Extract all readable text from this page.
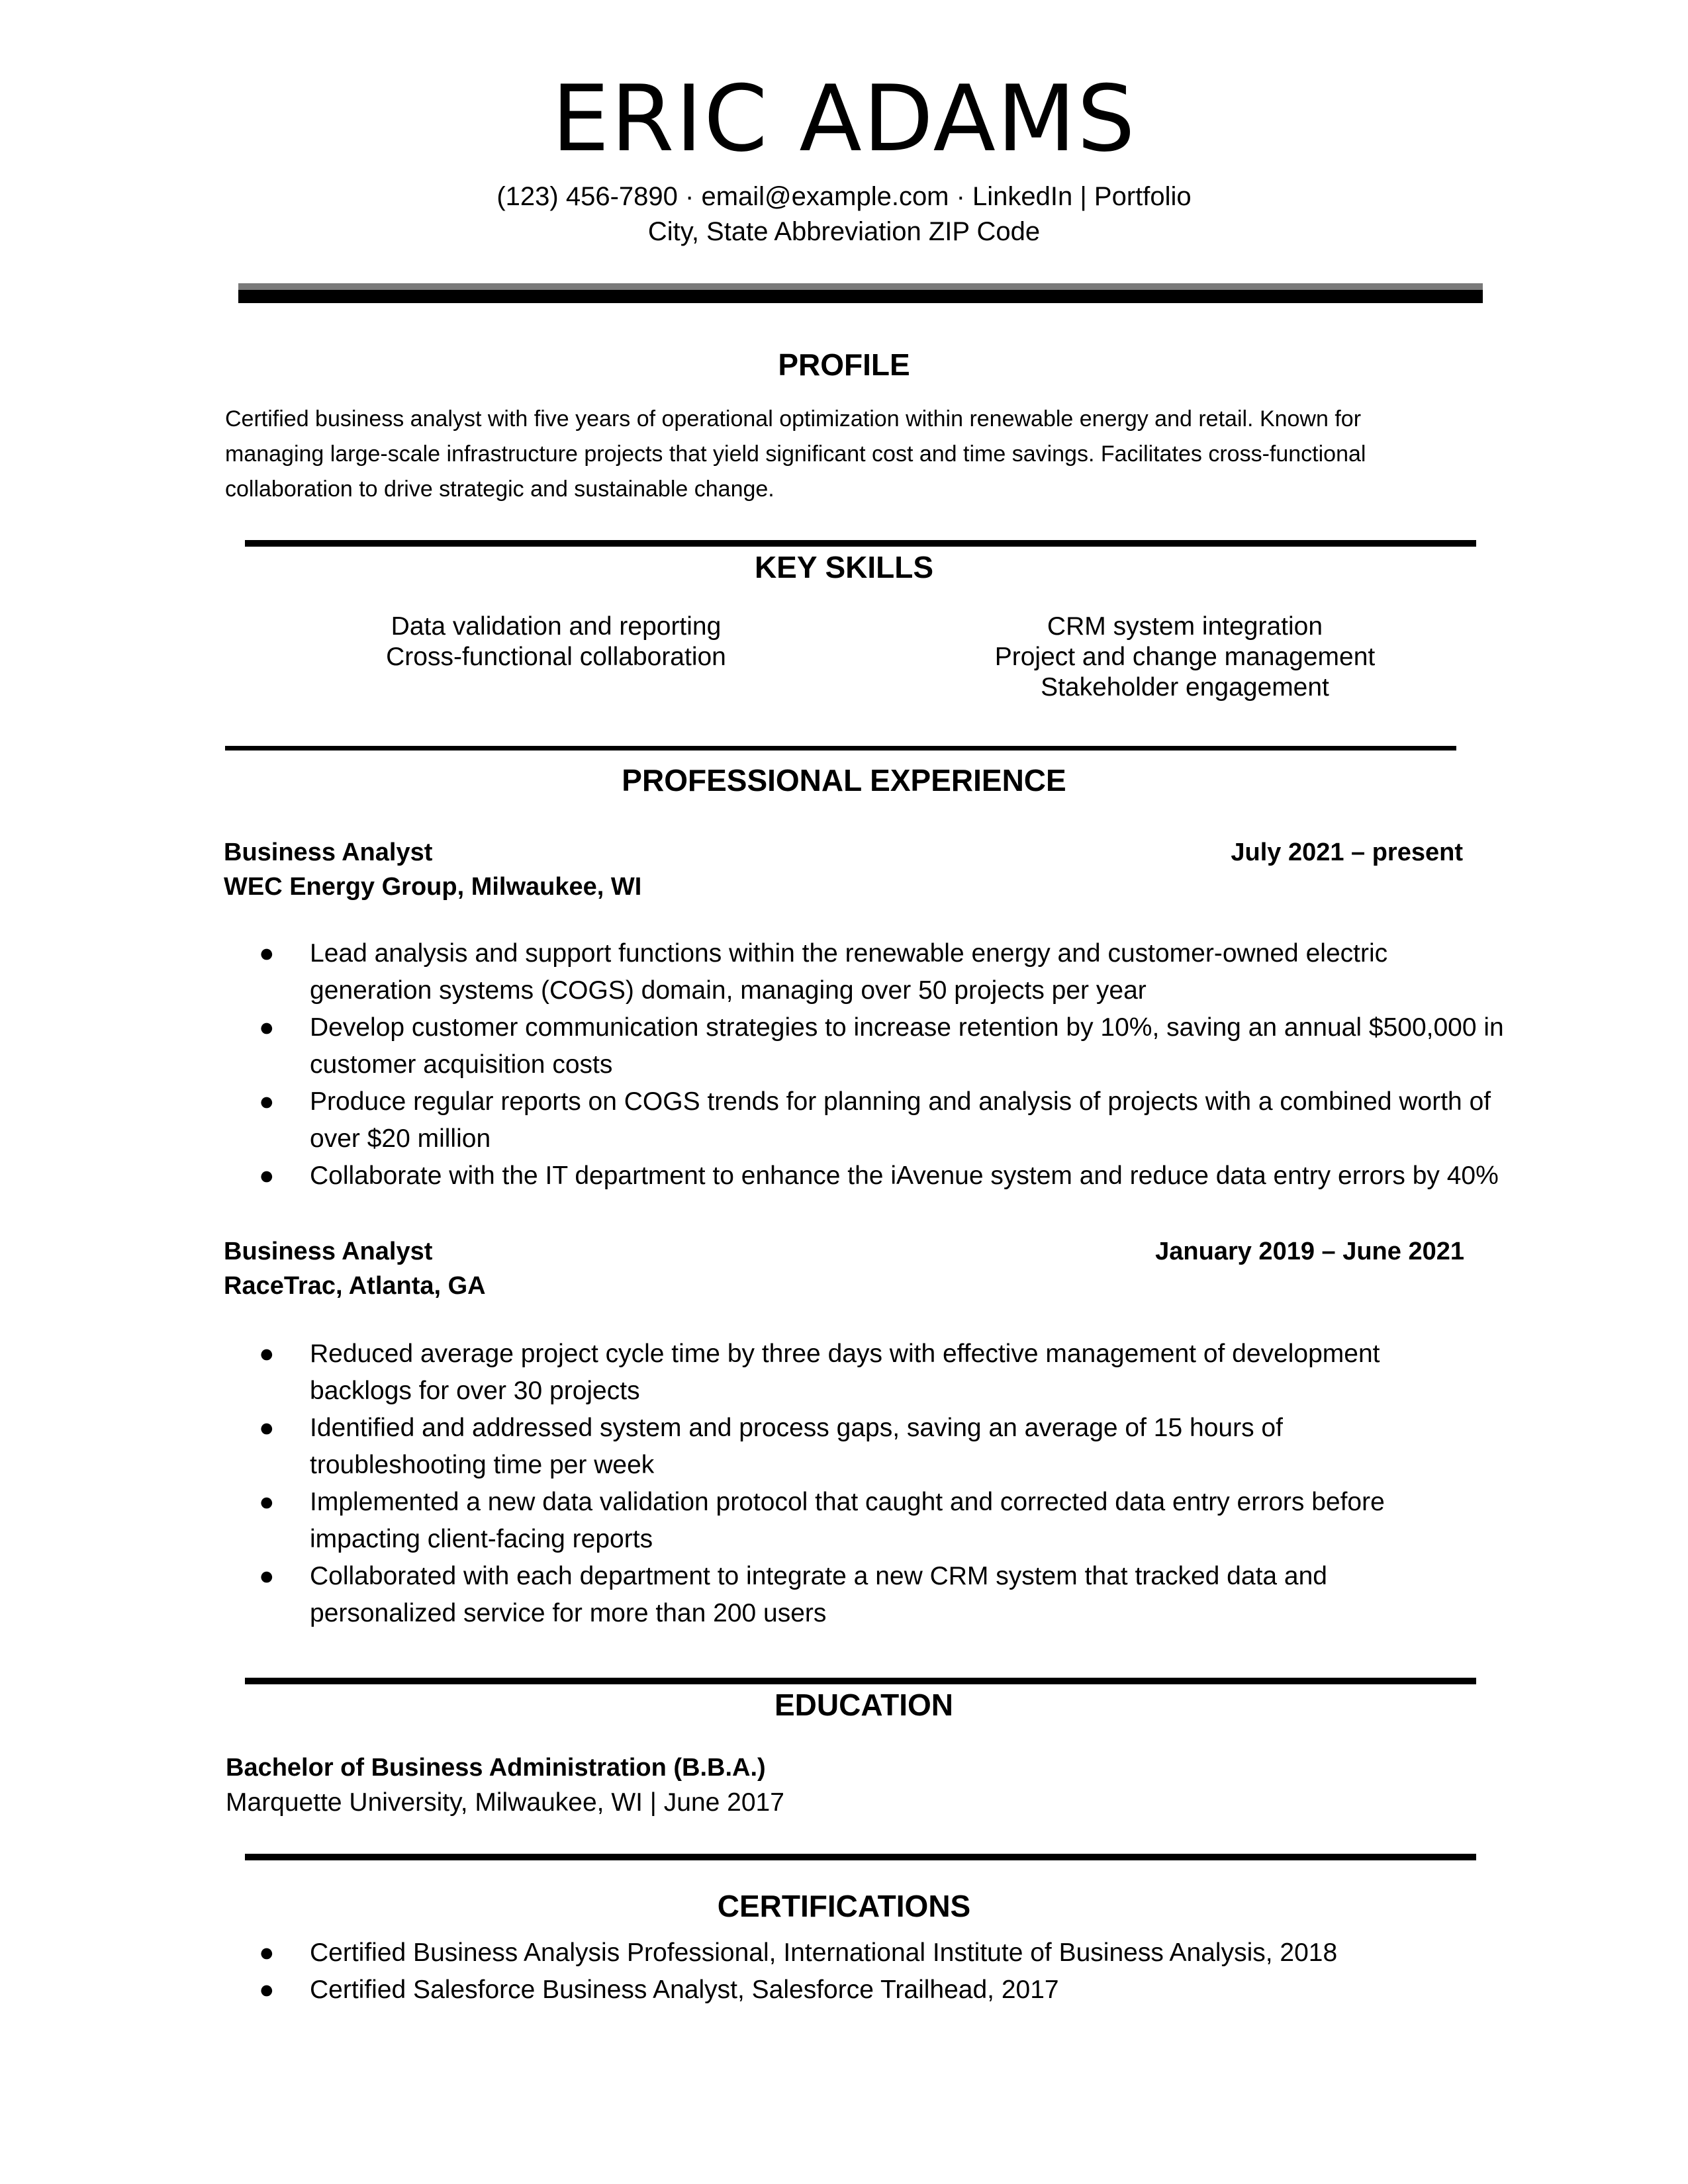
ERIC ADAMS
(123) 456-7890 · email@example.com · LinkedIn | Portfolio
City, State Abbreviation ZIP Code
PROFILE
Certified business analyst with five years of operational optimization within renewable energy and retail. Known for
managing large-scale infrastructure projects that yield significant cost and time savings. Facilitates cross-functional
collaboration to drive strategic and sustainable change.
KEY SKILLS
Data validation and reporting
Cross-functional collaboration
CRM system integration
Project and change management
Stakeholder engagement
PROFESSIONAL EXPERIENCE
Business Analyst	July 2021 – present
WEC Energy Group, Milwaukee, WI
● Lead analysis and support functions within the renewable energy and customer-owned electric
generation systems (COGS) domain, managing over 50 projects per year
● Develop customer communication strategies to increase retention by 10%, saving an annual $500,000 in
customer acquisition costs
● Produce regular reports on COGS trends for planning and analysis of projects with a combined worth of
over $20 million
● Collaborate with the IT department to enhance the iAvenue system and reduce data entry errors by 40%
Business Analyst	January 2019 – June 2021
RaceTrac, Atlanta, GA
● Reduced average project cycle time by three days with effective management of development
backlogs for over 30 projects
● Identified and addressed system and process gaps, saving an average of 15 hours of
troubleshooting time per week
● Implemented a new data validation protocol that caught and corrected data entry errors before
impacting client-facing reports
● Collaborated with each department to integrate a new CRM system that tracked data and
personalized service for more than 200 users
EDUCATION
Bachelor of Business Administration (B.B.A.)
Marquette University, Milwaukee, WI | June 2017
CERTIFICATIONS
● Certified Business Analysis Professional, International Institute of Business Analysis, 2018
● Certified Salesforce Business Analyst, Salesforce Trailhead, 2017
